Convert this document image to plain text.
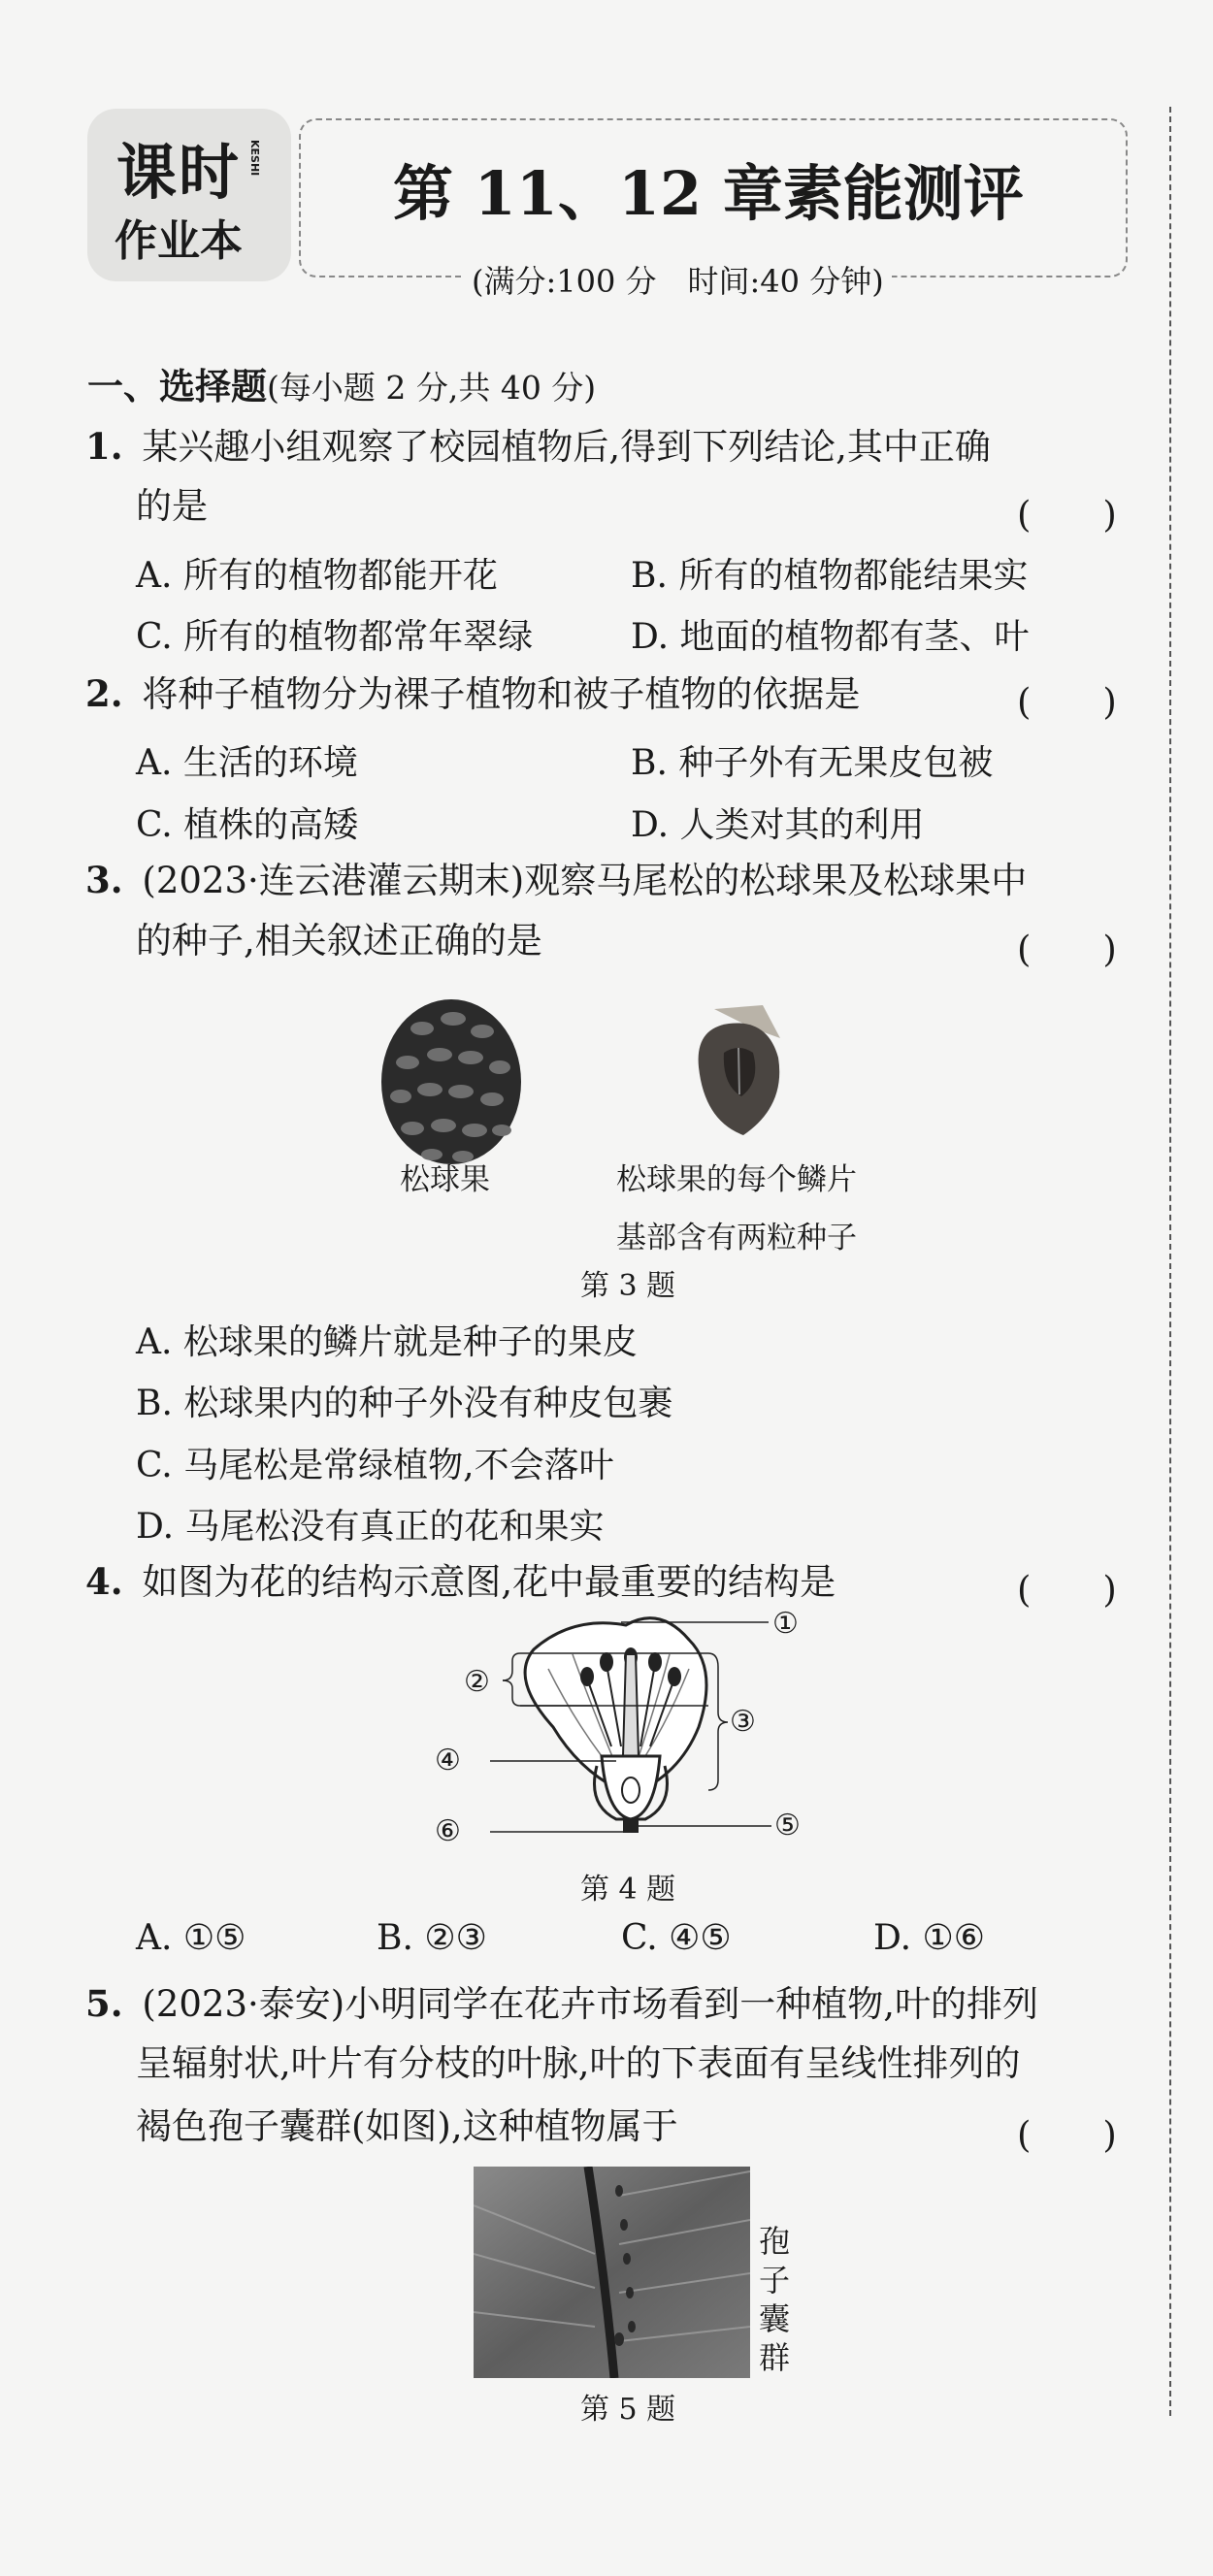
课时 KESHI
作业本
第 11、12 章素能测评
(满分:100 分　时间:40 分钟)
一、选择题(每小题 2 分,共 40 分)
1. 某兴趣小组观察了校园植物后,得到下列结论,其中正确
的是	(　　)
A. 所有的植物都能开花	B. 所有的植物都能结果实
C. 所有的植物都常年翠绿	D. 地面的植物都有茎、叶
2. 将种子植物分为裸子植物和被子植物的依据是	(　　)
A. 生活的环境	B. 种子外有无果皮包被
C. 植株的高矮	D. 人类对其的利用
3. (2023·连云港灌云期末)观察马尾松的松球果及松球果中
的种子,相关叙述正确的是	(　　)
松球果	松球果的每个鳞片
基部含有两粒种子
第 3 题
A. 松球果的鳞片就是种子的果皮
B. 松球果内的种子外没有种皮包裹
C. 马尾松是常绿植物,不会落叶
D. 马尾松没有真正的花和果实
4. 如图为花的结构示意图,花中最重要的结构是	(　　)
①
②
③
④
⑤
⑥
第 4 题
A. ①⑤	B. ②③	C. ④⑤	D. ①⑥
5. (2023·泰安)小明同学在花卉市场看到一种植物,叶的排列
呈辐射状,叶片有分枝的叶脉,叶的下表面有呈线性排列的
褐色孢子囊群(如图),这种植物属于	(　　)
孢
子
囊
群
第 5 题
